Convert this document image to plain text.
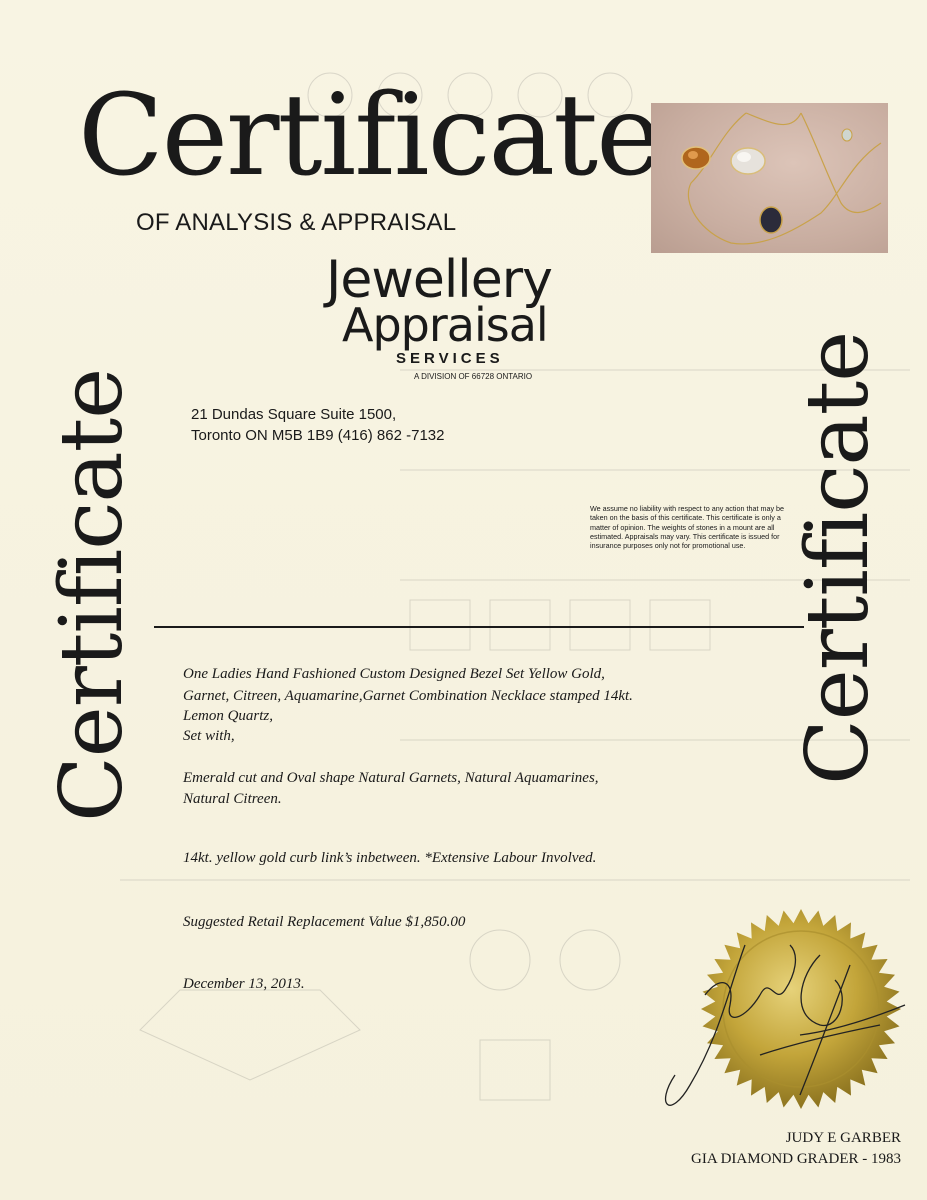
Certificate
OF ANALYSIS & APPRAISAL
Jewellery
Appraisal
SERVICES
A DIVISION OF 66728 ONTARIO
21 Dundas Square Suite 1500,
Toronto ON M5B 1B9 (416) 862 -7132
We assume no liability with respect to any action that may be taken on the basis of this certificate. This certificate is only a matter of opinion. The weights of stones in a mount are all estimated. Appraisals may vary. This certificate is issued for insurance purposes only not for promotional use.
Certificate	Certificate
One Ladies Hand Fashioned Custom Designed Bezel Set Yellow Gold,
Garnet, Citreen, Aquamarine,Garnet Combination Necklace stamped 14kt.
Lemon Quartz,
Set with,
Emerald cut and Oval shape Natural Garnets, Natural Aquamarines,
Natural Citreen.
14kt. yellow gold curb link’s inbetween. *Extensive Labour Involved.
Suggested Retail Replacement Value $1,850.00
December 13, 2013.
JUDY E GARBER
GIA DIAMOND GRADER - 1983
